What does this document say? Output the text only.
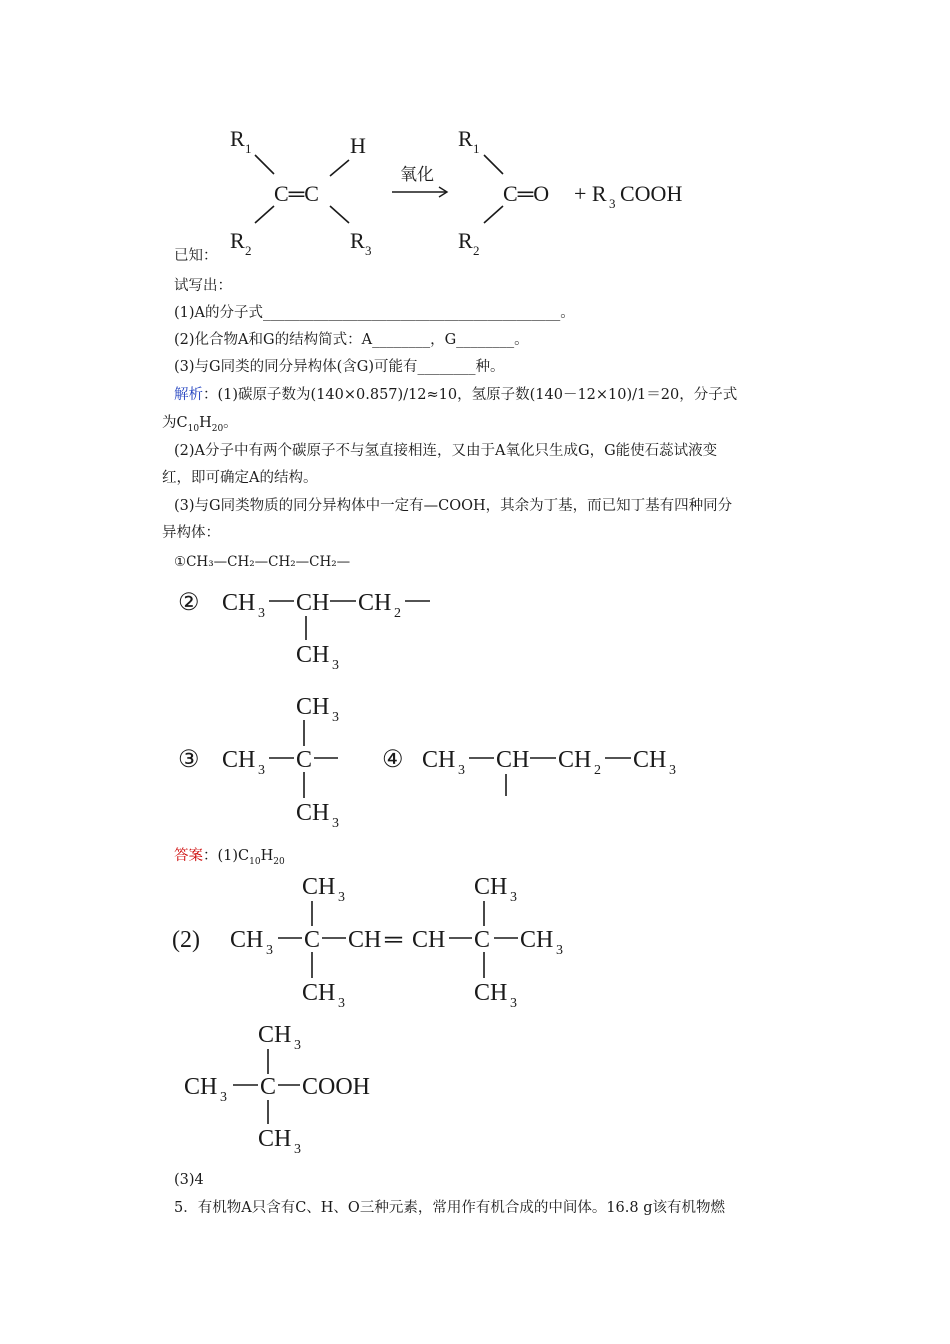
R 1	H
C═C
R 2	R 3
氧化
R 1
C═O + R 3 COOH
R 2
已知：
试写出：
(1)A的分子式_________________________________________。
(2)化合物A和G的结构简式：A________，G________。
(3)与G同类的同分异构体(含G)可能有________种。
解析：(1)碳原子数为(140×0.857)/12≈10，氢原子数(140－12×10)/1＝20，分子式
为$C_{10}H_{20}$。
(2)A分子中有两个碳原子不与氢直接相连，又由于A氧化只生成G，G能使石蕊试液变
红，即可确定A的结构。
(3)与G同类物质的同分异构体中一定有—COOH，其余为丁基，而已知丁基有四种同分
异构体：
①CH₃—CH₂—CH₂—CH₂—
② CH 3 CH CH 2
CH 3
CH 3
③ CH 3 C
CH 3
④ CH 3 CH CH 2 CH 3
答案：$(1)C_{10}H_{20}$
CH 3	CH 3
(2) CH 3 C CH ═ CH C CH 3
CH 3	CH 3
CH 3
CH 3 C COOH
CH 3
(3)4
5．有机物A只含有C、H、O三种元素，常用作有机合成的中间体。16.8 g该有机物燃
